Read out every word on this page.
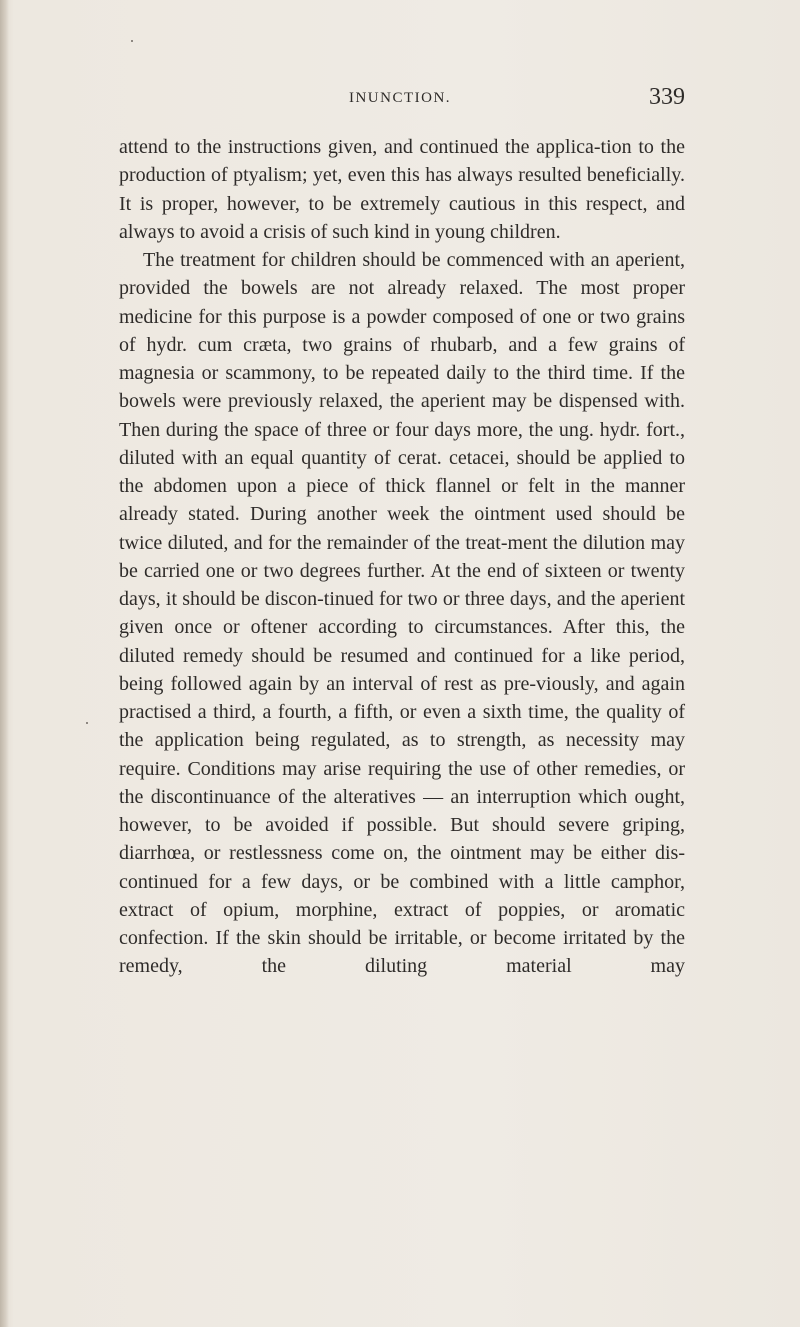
INUNCTION.	339

attend to the instructions given, and continued the applica-tion to the production of ptyalism; yet, even this has always resulted beneficially. It is proper, however, to be extremely cautious in this respect, and always to avoid a crisis of such kind in young children.

The treatment for children should be commenced with an aperient, provided the bowels are not already relaxed. The most proper medicine for this purpose is a powder composed of one or two grains of hydr. cum cræta, two grains of rhubarb, and a few grains of magnesia or scammony, to be repeated daily to the third time. If the bowels were previously relaxed, the aperient may be dispensed with. Then during the space of three or four days more, the ung. hydr. fort., diluted with an equal quantity of cerat. cetacei, should be applied to the abdomen upon a piece of thick flannel or felt in the manner already stated. During another week the ointment used should be twice diluted, and for the remainder of the treat-ment the dilution may be carried one or two degrees further. At the end of sixteen or twenty days, it should be discon-tinued for two or three days, and the aperient given once or oftener according to circumstances. After this, the diluted remedy should be resumed and continued for a like period, being followed again by an interval of rest as pre-viously, and again practised a third, a fourth, a fifth, or even a sixth time, the quality of the application being regulated, as to strength, as necessity may require. Conditions may arise requiring the use of other remedies, or the discontinuance of the alteratives — an interruption which ought, however, to be avoided if possible. But should severe griping, diarrhœa, or restlessness come on, the ointment may be either dis-continued for a few days, or be combined with a little camphor, extract of opium, morphine, extract of poppies, or aromatic confection. If the skin should be irritable, or become irritated by the remedy, the diluting material may
